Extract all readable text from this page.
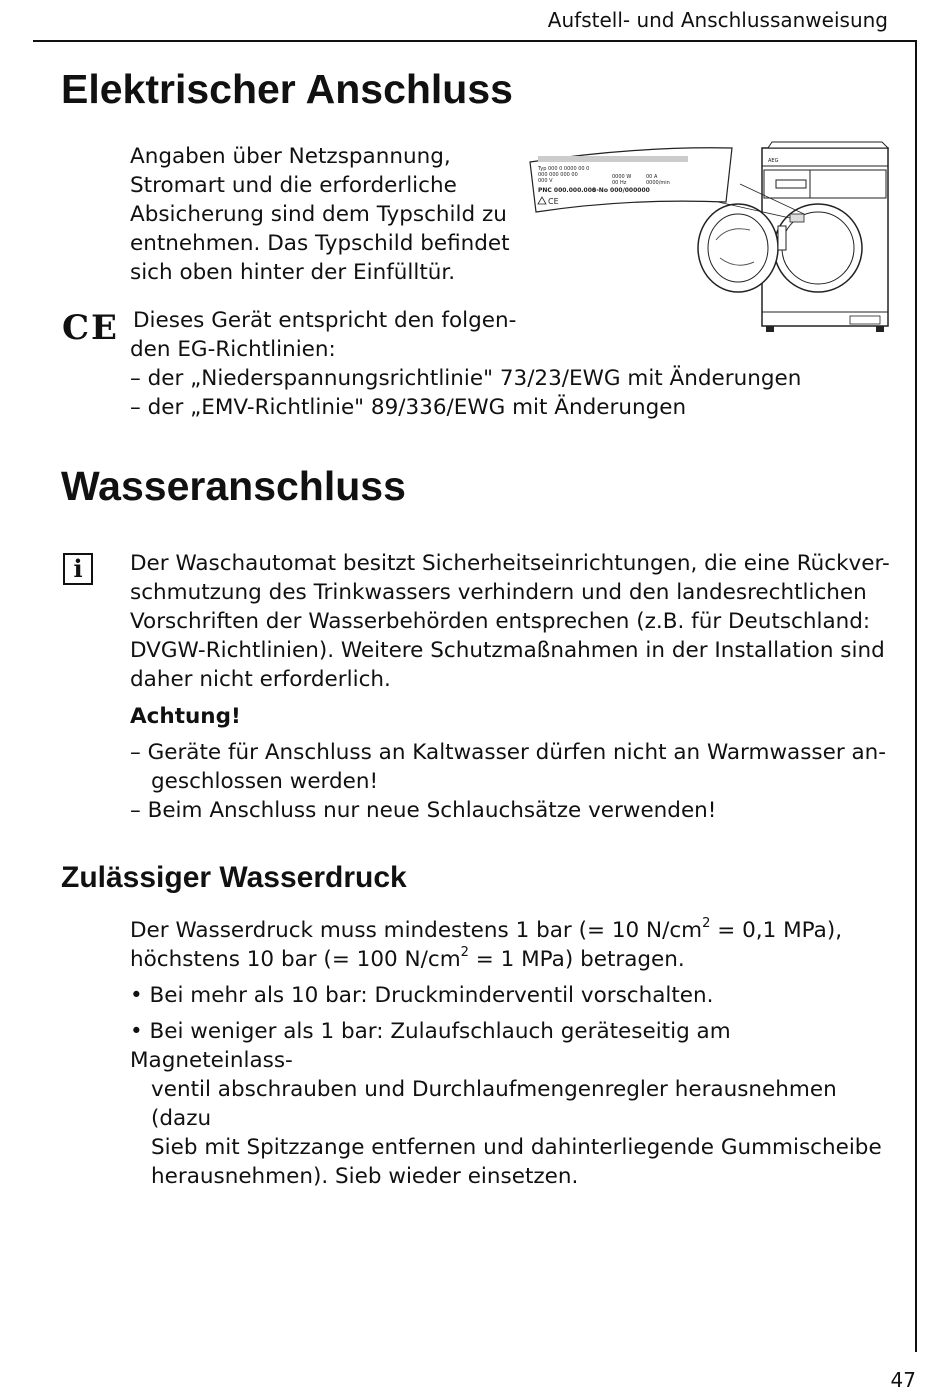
Aufstell- und Anschlussanweisung
Elektrischer Anschluss

Angaben über Netzspannung,

Stromart und die erforderliche

Absicherung sind dem Typschild zu

entnehmen. Das Typschild befindet

sich oben hinter der Einfülltür.

Typ 000 0 0000 00 0
000 000 000 00
000 V
0000 W
00 Hz
00 A
0000/min
PNC 000.000.000
S-No 000/000000
AEG
CE
CE Dieses Gerät entspricht den folgen-

den EG-Richtlinien:

– der „Niederspannungsrichtlinie" 73/23/EWG mit Änderungen

– der „EMV-Richtlinie" 89/336/EWG mit Änderungen

Wasseranschluss
i	Der Waschautomat besitzt Sicherheitseinrichtungen, die eine Rückver-

schmutzung des Trinkwassers verhindern und den landesrechtlichen

Vorschriften der Wasserbehörden entsprechen (z.B. für Deutschland:

DVGW-Richtlinien). Weitere Schutzmaßnahmen in der Installation sind

daher nicht erforderlich.

Achtung!

– Geräte für Anschluss an Kaltwasser dürfen nicht an Warmwasser an-

geschlossen werden!

– Beim Anschluss nur neue Schlauchsätze verwenden!

Zulässiger Wasserdruck

Der Wasserdruck muss mindestens 1 bar (= 10 $N/cm^2 = 0,1$ MPa),

höchstens 10 bar (= 100 $N/cm^2 = 1$ MPa) betragen.

• Bei mehr als 10 bar: Druckminderventil vorschalten.

• Bei weniger als 1 bar: Zulaufschlauch geräteseitig am Magneteinlass-

ventil abschrauben und Durchlaufmengenregler herausnehmen (dazu

Sieb mit Spitzzange entfernen und dahinterliegende Gummischeibe

herausnehmen). Sieb wieder einsetzen.

47
